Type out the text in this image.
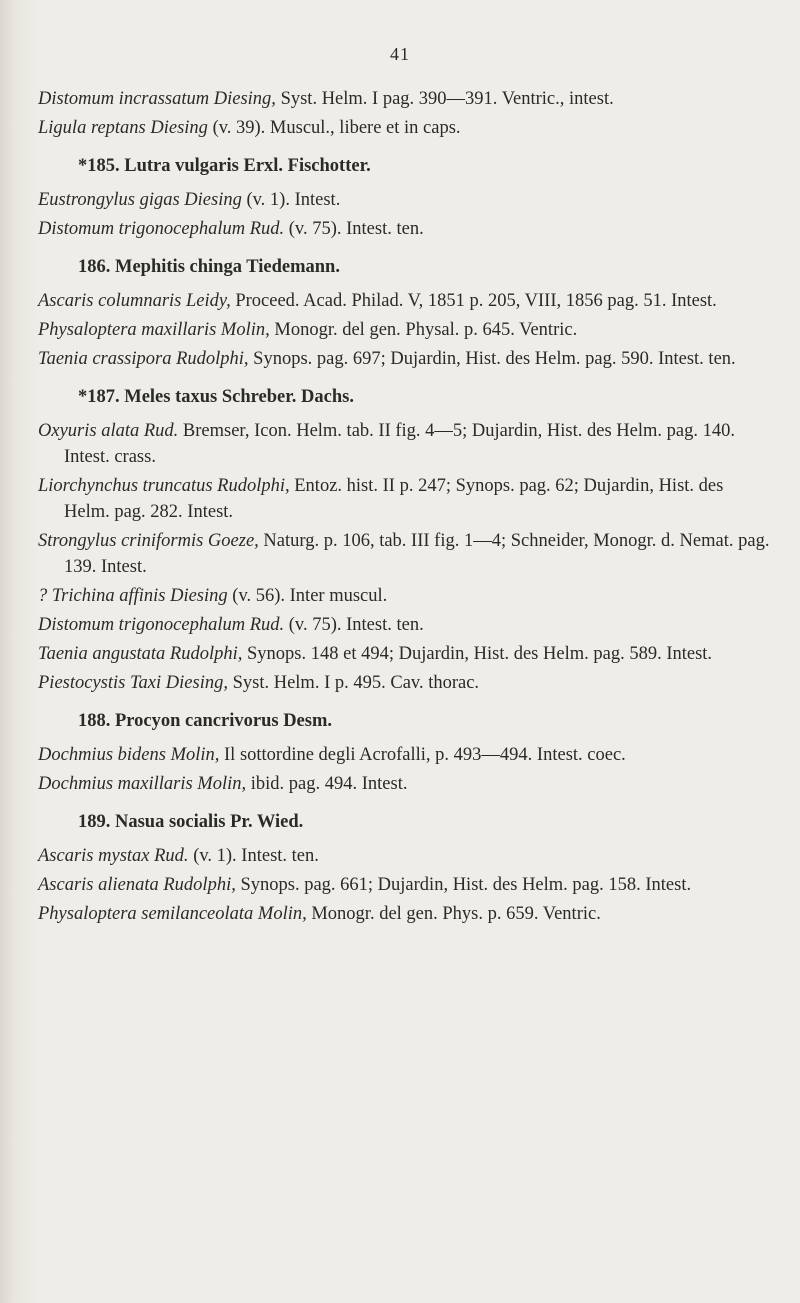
41

Distomum incrassatum Diesing, Syst. Helm. I pag. 390—391. Ventric., intest.

Ligula reptans Diesing (v. 39). Muscul., libere et in caps.

*185. Lutra vulgaris Erxl. Fischotter.

Eustrongylus gigas Diesing (v. 1). Intest.

Distomum trigonocephalum Rud. (v. 75). Intest. ten.

186. Mephitis chinga Tiedemann.

Ascaris columnaris Leidy, Proceed. Acad. Philad. V, 1851 p. 205, VIII, 1856 pag. 51. Intest.

Physaloptera maxillaris Molin, Monogr. del gen. Physal. p. 645. Ventric.

Taenia crassipora Rudolphi, Synops. pag. 697; Dujardin, Hist. des Helm. pag. 590. Intest. ten.

*187. Meles taxus Schreber. Dachs.

Oxyuris alata Rud. Bremser, Icon. Helm. tab. II fig. 4—5; Dujardin, Hist. des Helm. pag. 140. Intest. crass.

Liorchynchus truncatus Rudolphi, Entoz. hist. II p. 247; Synops. pag. 62; Dujardin, Hist. des Helm. pag. 282. Intest.

Strongylus criniformis Goeze, Naturg. p. 106, tab. III fig. 1—4; Schneider, Monogr. d. Nemat. pag. 139. Intest.

? Trichina affinis Diesing (v. 56). Inter muscul.

Distomum trigonocephalum Rud. (v. 75). Intest. ten.

Taenia angustata Rudolphi, Synops. 148 et 494; Dujardin, Hist. des Helm. pag. 589. Intest.

Piestocystis Taxi Diesing, Syst. Helm. I p. 495. Cav. thorac.

188. Procyon cancrivorus Desm.

Dochmius bidens Molin, Il sottordine degli Acrofalli, p. 493—494. Intest. coec.

Dochmius maxillaris Molin, ibid. pag. 494. Intest.

189. Nasua socialis Pr. Wied.

Ascaris mystax Rud. (v. 1). Intest. ten.

Ascaris alienata Rudolphi, Synops. pag. 661; Dujardin, Hist. des Helm. pag. 158. Intest.

Physaloptera semilanceolata Molin, Monogr. del gen. Phys. p. 659. Ventric.
